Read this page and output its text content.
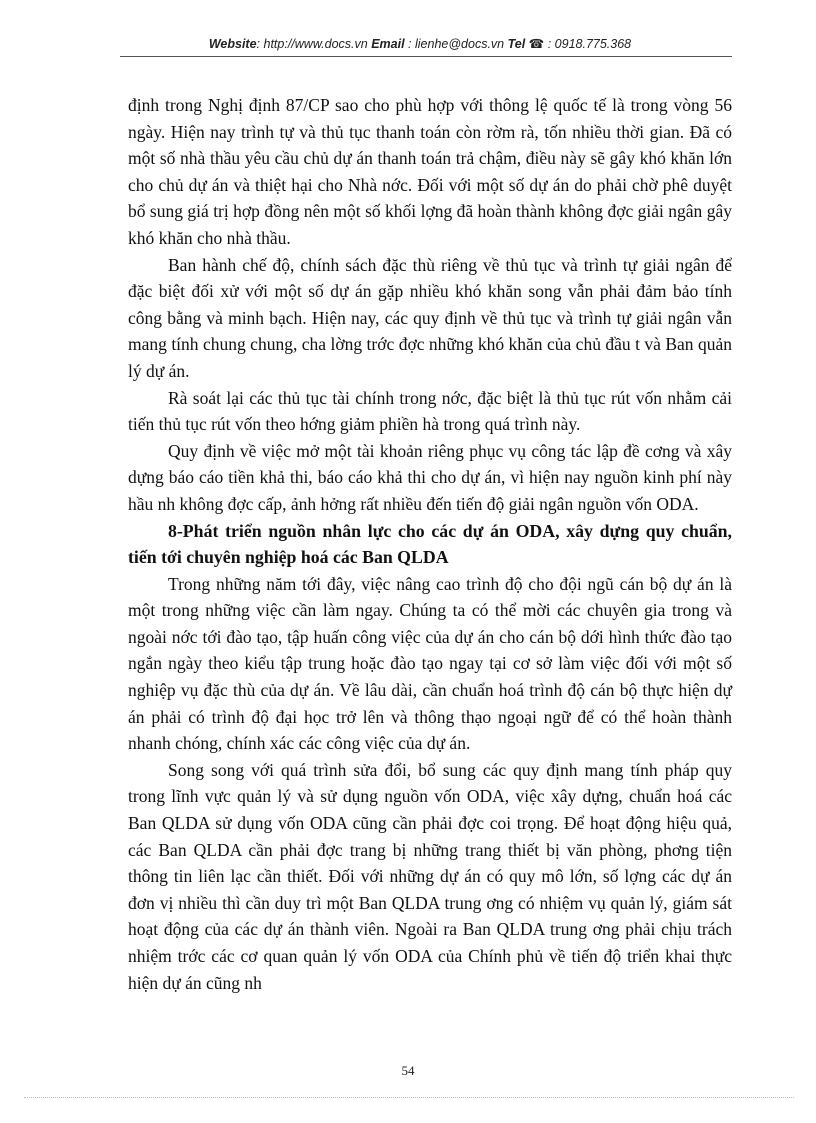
Website: http://www.docs.vn Email : lienhe@docs.vn Tel ☎ : 0918.775.368

định trong Nghị định 87/CP sao cho phù hợp với thông lệ quốc tế là trong vòng 56 ngày. Hiện nay trình tự và thủ tục thanh toán còn rờm rà, tốn nhiều thời gian. Đã có một số nhà thầu yêu cầu chủ dự án thanh toán trả chậm, điều này sẽ gây khó khăn lớn cho chủ dự án và thiệt hại cho Nhà nớc. Đối với một số dự án do phải chờ phê duyệt bổ sung giá trị hợp đồng nên một số khối lợng đã hoàn thành không đợc giải ngân gây khó khăn cho nhà thầu.

Ban hành chế độ, chính sách đặc thù riêng về thủ tục và trình tự giải ngân để đặc biệt đối xử với một số dự án gặp nhiều khó khăn song vẫn phải đảm bảo tính công bằng và minh bạch. Hiện nay, các quy định về thủ tục và trình tự giải ngân vẫn mang tính chung chung, cha lờng trớc đợc những khó khăn của chủ đầu t và Ban quản lý dự án.

Rà soát lại các thủ tục tài chính trong nớc, đặc biệt là thủ tục rút vốn nhằm cải tiến thủ tục rút vốn theo hớng giảm phiền hà trong quá trình này.

Quy định về việc mở một tài khoản riêng phục vụ công tác lập đề cơng và xây dựng báo cáo tiền khả thi, báo cáo khả thi cho dự án, vì hiện nay nguồn kinh phí này hầu nh không đợc cấp, ảnh hởng rất nhiều đến tiến độ giải ngân nguồn vốn ODA.

8-Phát triển nguồn nhân lực cho các dự án ODA, xây dựng quy chuẩn, tiến tới chuyên nghiệp hoá các Ban QLDA

Trong những năm tới đây, việc nâng cao trình độ cho đội ngũ cán bộ dự án là một trong những việc cần làm ngay. Chúng ta có thể mời các chuyên gia trong và ngoài nớc tới đào tạo, tập huấn công việc của dự án cho cán bộ dới hình thức đào tạo ngắn ngày theo kiểu tập trung hoặc đào tạo ngay tại cơ sở làm việc đối với một số nghiệp vụ đặc thù của dự án. Về lâu dài, cần chuẩn hoá trình độ cán bộ thực hiện dự án phải có trình độ đại học trở lên và thông thạo ngoại ngữ để có thể hoàn thành nhanh chóng, chính xác các công việc của dự án.

Song song với quá trình sửa đổi, bổ sung các quy định mang tính pháp quy trong lĩnh vực quản lý và sử dụng nguồn vốn ODA, việc xây dựng, chuẩn hoá các Ban QLDA sử dụng vốn ODA cũng cần phải đợc coi trọng. Để hoạt động hiệu quả, các Ban QLDA cần phải đợc trang bị những trang thiết bị văn phòng, phơng tiện thông tin liên lạc cần thiết. Đối với những dự án có quy mô lớn, số lợng các dự án đơn vị nhiều thì cần duy trì một Ban QLDA trung ơng có nhiệm vụ quản lý, giám sát hoạt động của các dự án thành viên. Ngoài ra Ban QLDA trung ơng phải chịu trách nhiệm trớc các cơ quan quản lý vốn ODA của Chính phủ về tiến độ triển khai thực hiện dự án cũng nh

54
